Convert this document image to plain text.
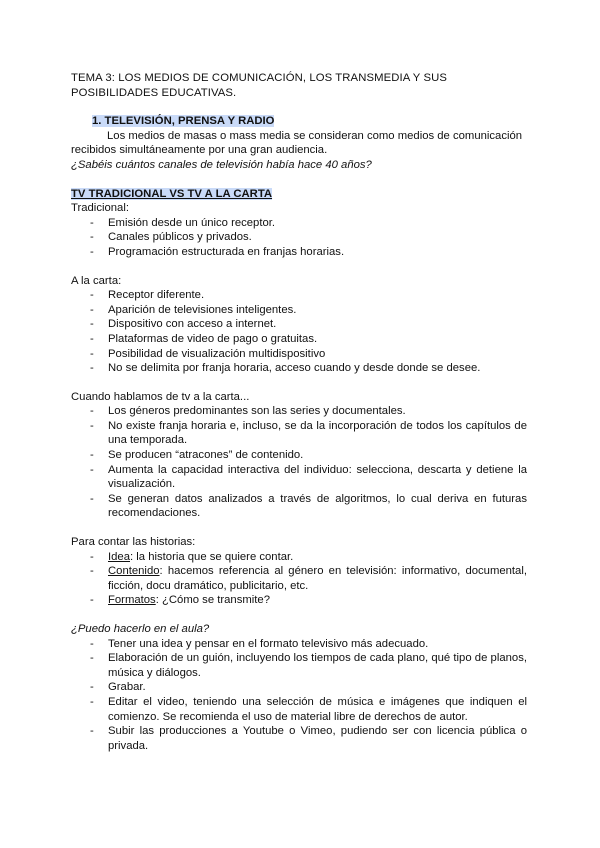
TEMA 3: LOS MEDIOS DE COMUNICACIÓN, LOS TRANSMEDIA Y SUS POSIBILIDADES EDUCATIVAS.

1. TELEVISIÓN, PRENSA Y RADIO

Los medios de masas o mass media se consideran como medios de comunicación recibidos simultáneamente por una gran audiencia.

¿Sabéis cuántos canales de televisión había hace 40 años?

TV TRADICIONAL VS TV A LA CARTA

Tradicional:

- Emisión desde un único receptor.
- Canales públicos y privados.
- Programación estructurada en franjas horarias.

A la carta:

- Receptor diferente.
- Aparición de televisiones inteligentes.
- Dispositivo con acceso a internet.
- Plataformas de video de pago o gratuitas.
- Posibilidad de visualización multidispositivo
- No se delimita por franja horaria, acceso cuando y desde donde se desee.

Cuando hablamos de tv a la carta...

- Los géneros predominantes son las series y documentales.
- No existe franja horaria e, incluso, se da la incorporación de todos los capítulos de una temporada.
- Se producen “atracones” de contenido.
- Aumenta la capacidad interactiva del individuo: selecciona, descarta y detiene la visualización.
- Se generan datos analizados a través de algoritmos, lo cual deriva en futuras recomendaciones.

Para contar las historias:

- Idea: la historia que se quiere contar.
- Contenido: hacemos referencia al género en televisión: informativo, documental, ficción, docu dramático, publicitario, etc.
- Formatos: ¿Cómo se transmite?

¿Puedo hacerlo en el aula?

- Tener una idea y pensar en el formato televisivo más adecuado.
- Elaboración de un guión, incluyendo los tiempos de cada plano, qué tipo de planos, música y diálogos.
- Grabar.
- Editar el video, teniendo una selección de música e imágenes que indiquen el comienzo. Se recomienda el uso de material libre de derechos de autor.
- Subir las producciones a Youtube o Vimeo, pudiendo ser con licencia pública o privada.
